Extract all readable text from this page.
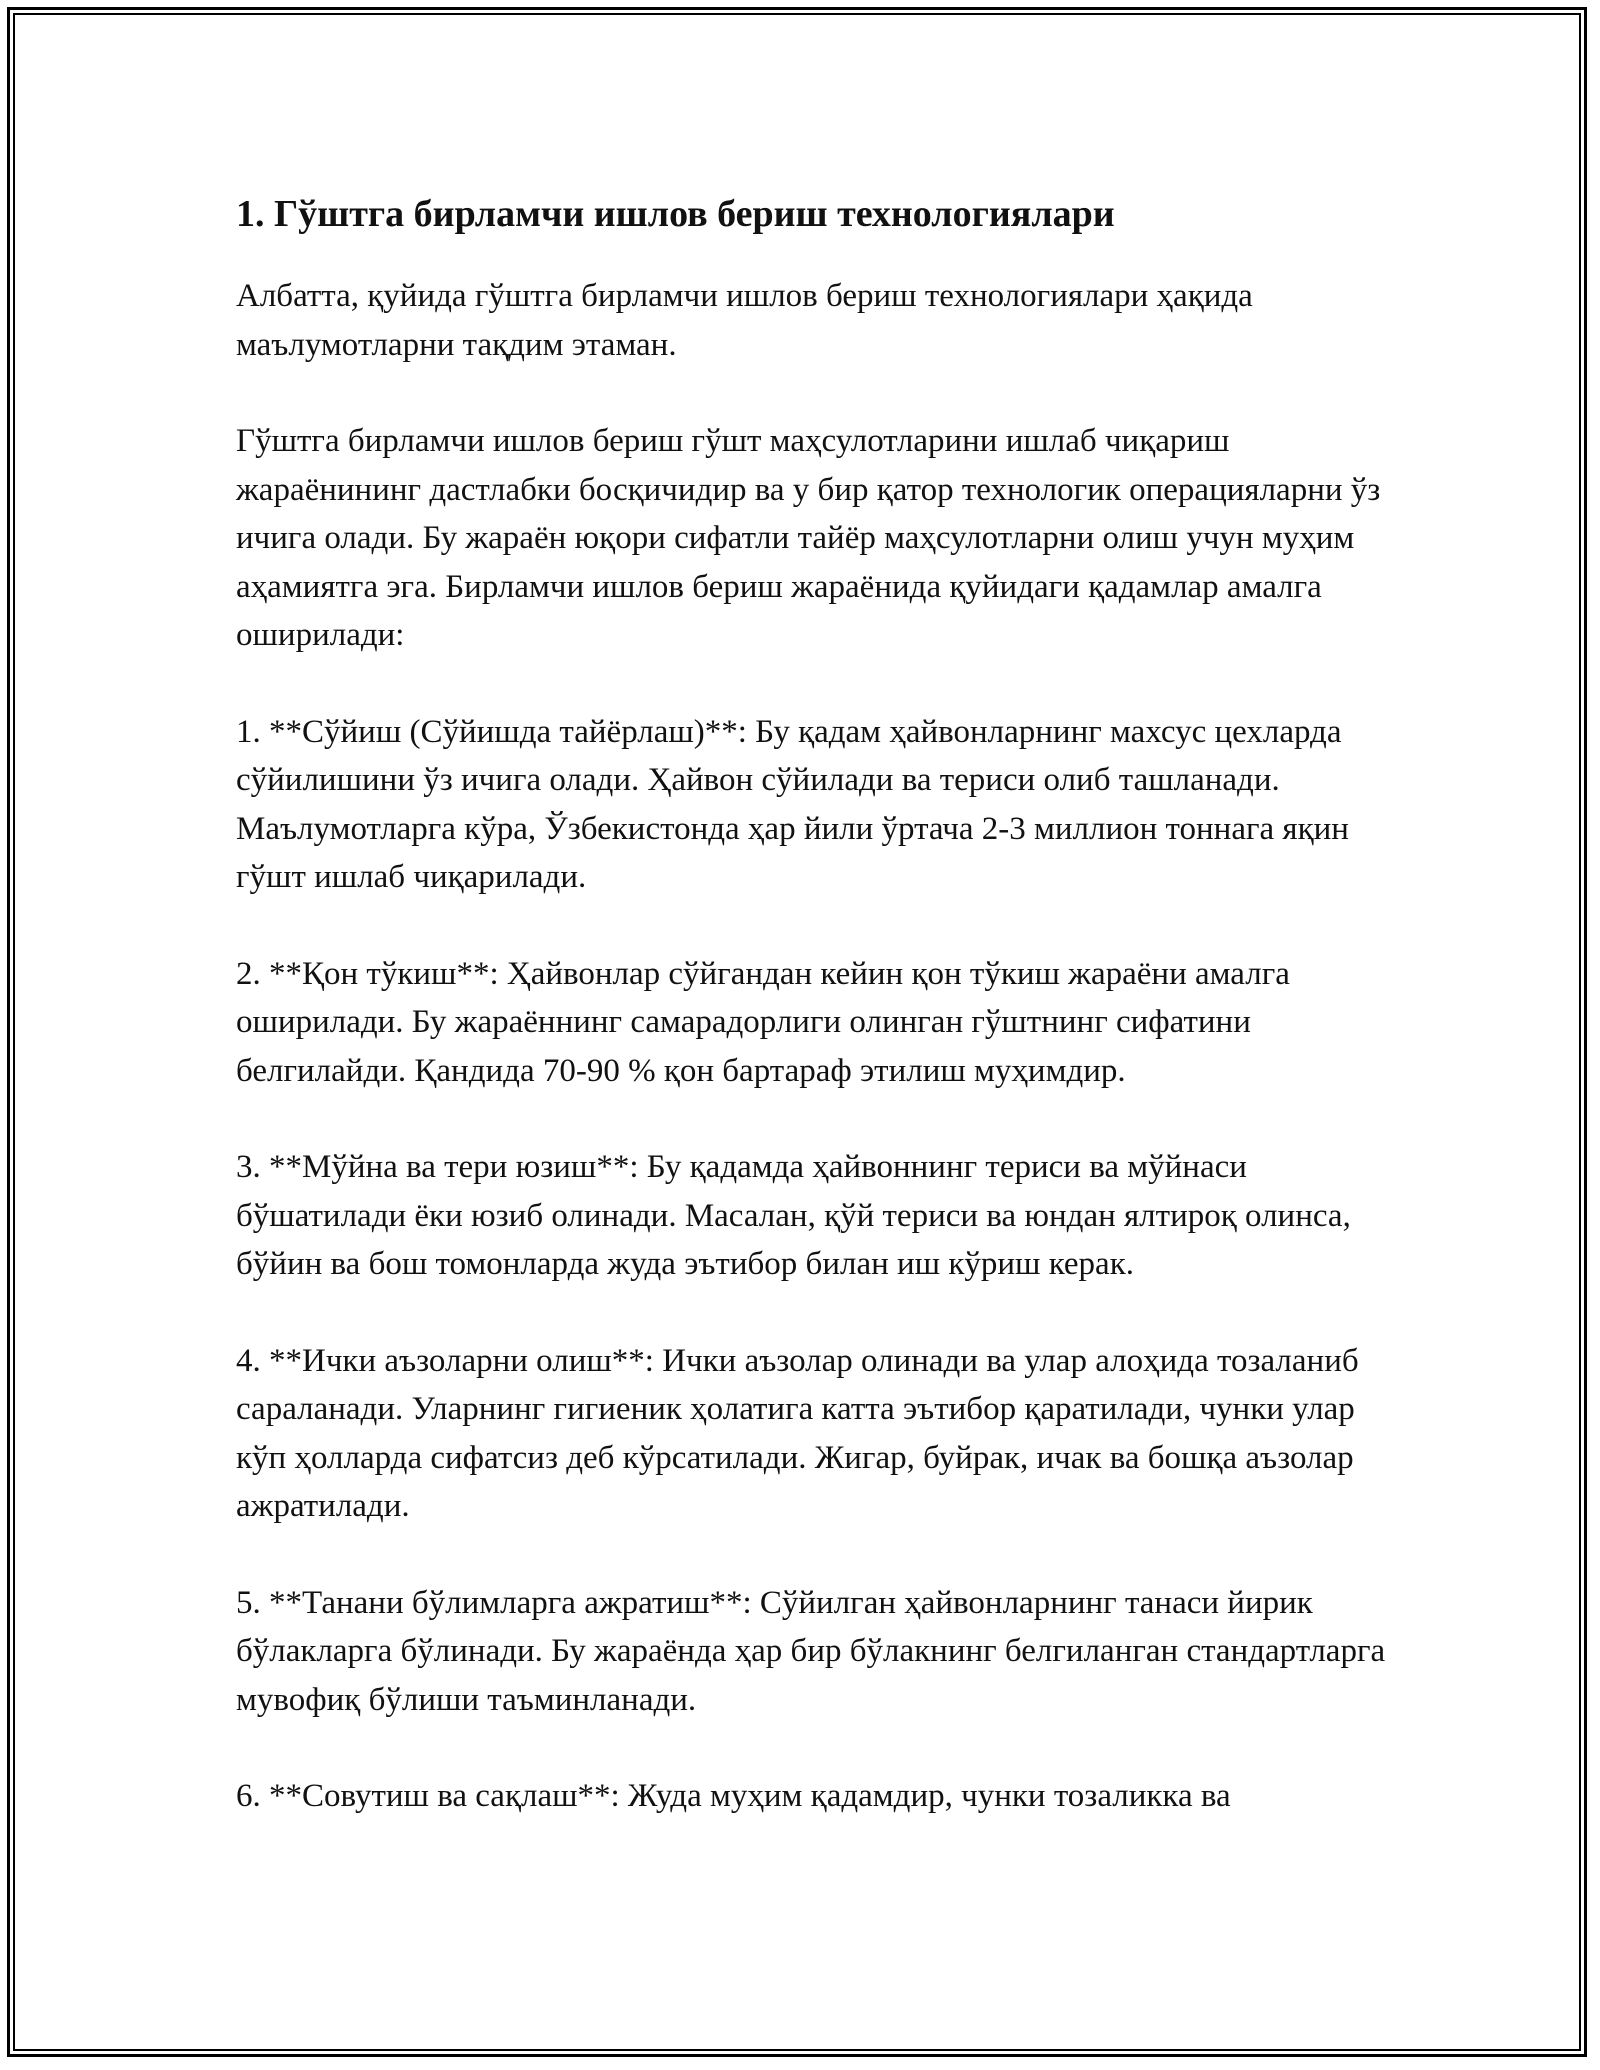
1. Гўштга бирламчи ишлов бериш технологиялари

Албатта, қуйида гўштга бирламчи ишлов бериш технологиялари ҳақида маълумотларни тақдим этаман.

Гўштга бирламчи ишлов бериш гўшт маҳсулотларини ишлаб чиқариш жараёнининг дастлабки босқичидир ва у бир қатор технологик операцияларни ўз ичига олади. Бу жараён юқори сифатли тайёр маҳсулотларни олиш учун муҳим аҳамиятга эга. Бирламчи ишлов бериш жараёнида қуйидаги қадамлар амалга оширилади:

1. **Сўйиш (Сўйишда тайёрлаш)**: Бу қадам ҳайвонларнинг махсус цехларда сўйилишини ўз ичига олади. Ҳайвон сўйилади ва териси олиб ташланади. Маълумотларга кўра, Ўзбекистонда ҳар йили ўртача 2-3 миллион тоннага яқин гўшт ишлаб чиқарилади.

2. **Қон тўкиш**: Ҳайвонлар сўйгандан кейин қон тўкиш жараёни амалга оширилади. Бу жараённинг самарадорлиги олинган гўштнинг сифатини белгилайди. Қандида 70-90 % қон бартараф этилиш муҳимдир.

3. **Мўйна ва тери юзиш**: Бу қадамда ҳайвоннинг териси ва мўйнаси бўшатилади ёки юзиб олинади. Масалан, қўй териси ва юндан ялтироқ олинса, бўйин ва бош томонларда жуда эътибор билан иш кўриш керак.

4. **Ички аъзоларни олиш**: Ички аъзолар олинади ва улар алоҳида тозаланиб сараланади. Уларнинг гигиеник ҳолатига катта эътибор қаратилади, чунки улар кўп ҳолларда сифатсиз деб кўрсатилади. Жигар, буйрак, ичак ва бошқа аъзолар ажратилади.

5. **Танани бўлимларга ажратиш**: Сўйилган ҳайвонларнинг танаси йирик бўлакларга бўлинади. Бу жараёнда ҳар бир бўлакнинг белгиланган стандартларга мувофиқ бўлиши таъминланади.

6. **Совутиш ва сақлаш**: Жуда муҳим қадамдир, чунки тозаликка ва
